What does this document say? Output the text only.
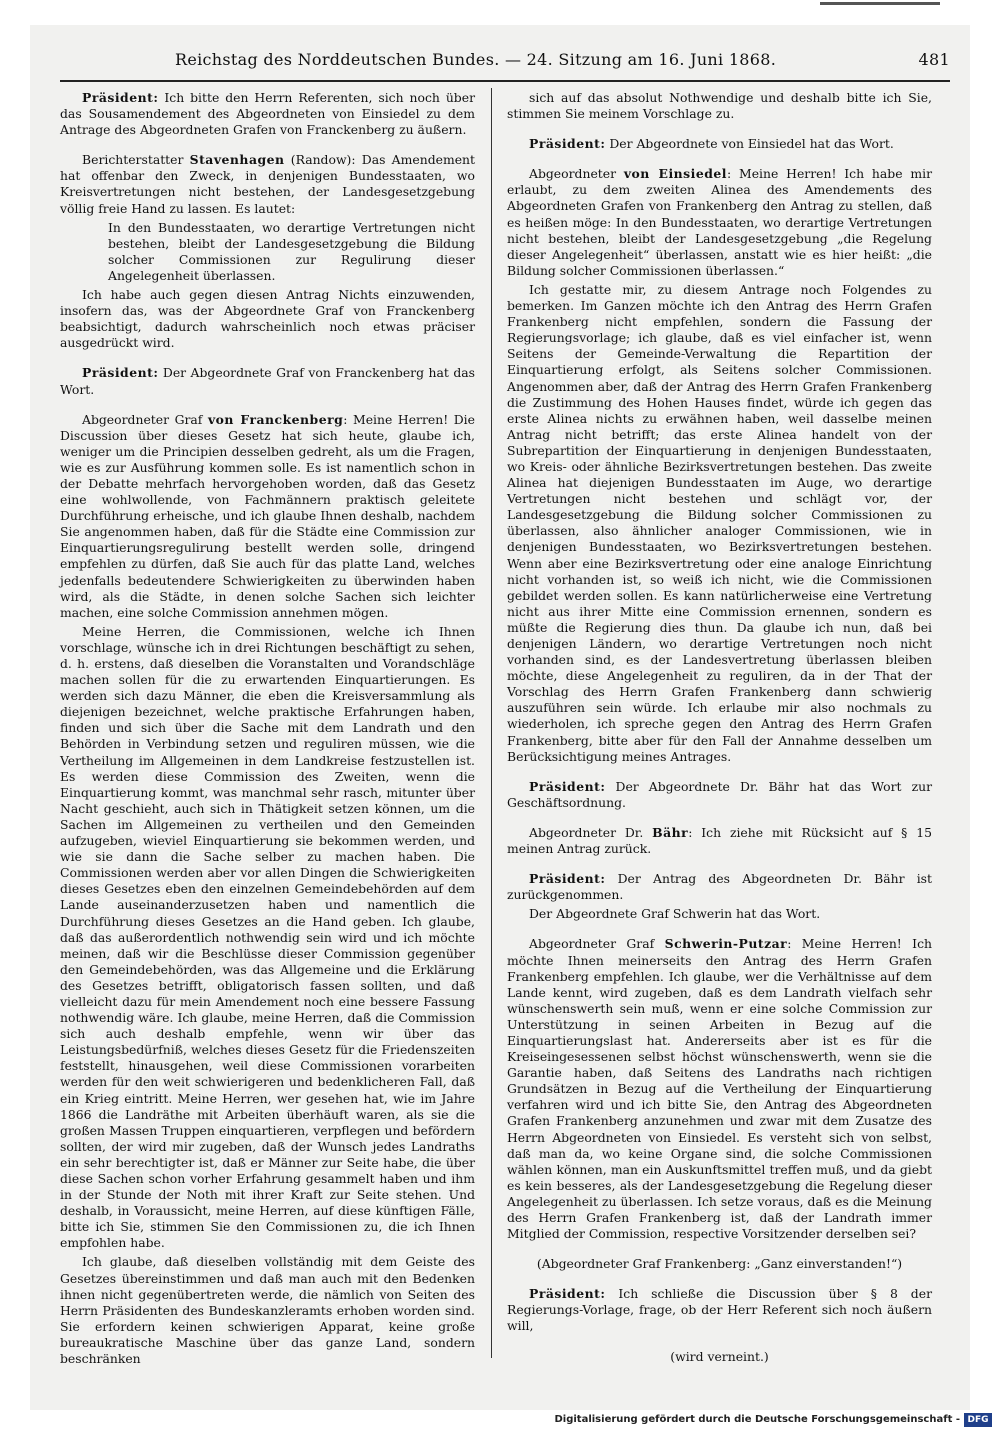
Reichstag des Norddeutschen Bundes. — 24. Sitzung am 16. Juni 1868.	481

Präsident: Ich bitte den Herrn Referenten, sich noch über das Sousamendement des Abgeordneten von Einsiedel zu dem Antrage des Abgeordneten Grafen von Franckenberg zu äußern.

Berichterstatter Stavenhagen (Randow): Das Amendement hat offenbar den Zweck, in denjenigen Bundesstaaten, wo Kreisvertretungen nicht bestehen, der Landesgesetzgebung völlig freie Hand zu lassen. Es lautet:

In den Bundesstaaten, wo derartige Vertretungen nicht bestehen, bleibt der Landesgesetzgebung die Bildung solcher Commissionen zur Regulirung dieser Angelegenheit überlassen.

Ich habe auch gegen diesen Antrag Nichts einzuwenden, insofern das, was der Abgeordnete Graf von Franckenberg beabsichtigt, dadurch wahrscheinlich noch etwas präciser ausgedrückt wird.

Präsident: Der Abgeordnete Graf von Franckenberg hat das Wort.

Abgeordneter Graf von Franckenberg: Meine Herren! Die Discussion über dieses Gesetz hat sich heute, glaube ich, weniger um die Principien desselben gedreht, als um die Fragen, wie es zur Ausführung kommen solle. Es ist namentlich schon in der Debatte mehrfach hervorgehoben worden, daß das Gesetz eine wohlwollende, von Fachmännern praktisch geleitete Durchführung erheische, und ich glaube Ihnen deshalb, nachdem Sie angenommen haben, daß für die Städte eine Commission zur Einquartierungsregulirung bestellt werden solle, dringend empfehlen zu dürfen, daß Sie auch für das platte Land, welches jedenfalls bedeutendere Schwierigkeiten zu überwinden haben wird, als die Städte, in denen solche Sachen sich leichter machen, eine solche Commission annehmen mögen.

Meine Herren, die Commissionen, welche ich Ihnen vorschlage, wünsche ich in drei Richtungen beschäftigt zu sehen, d. h. erstens, daß dieselben die Voranstalten und Vorandschläge machen sollen für die zu erwartenden Einquartierungen. Es werden sich dazu Männer, die eben die Kreisversammlung als diejenigen bezeichnet, welche praktische Erfahrungen haben, finden und sich über die Sache mit dem Landrath und den Behörden in Verbindung setzen und reguliren müssen, wie die Vertheilung im Allgemeinen in dem Landkreise festzustellen ist. Es werden diese Commission des Zweiten, wenn die Einquartierung kommt, was manchmal sehr rasch, mitunter über Nacht geschieht, auch sich in Thätigkeit setzen können, um die Sachen im Allgemeinen zu vertheilen und den Gemeinden aufzugeben, wieviel Einquartierung sie bekommen werden, und wie sie dann die Sache selber zu machen haben. Die Commissionen werden aber vor allen Dingen die Schwierigkeiten dieses Gesetzes eben den einzelnen Gemeindebehörden auf dem Lande auseinanderzusetzen haben und namentlich die Durchführung dieses Gesetzes an die Hand geben. Ich glaube, daß das außerordentlich nothwendig sein wird und ich möchte meinen, daß wir die Beschlüsse dieser Commission gegenüber den Gemeindebehörden, was das Allgemeine und die Erklärung des Gesetzes betrifft, obligatorisch fassen sollten, und daß vielleicht dazu für mein Amendement noch eine bessere Fassung nothwendig wäre. Ich glaube, meine Herren, daß die Commission sich auch deshalb empfehle, wenn wir über das Leistungsbedürfniß, welches dieses Gesetz für die Friedenszeiten feststellt, hinausgehen, weil diese Commissionen vorarbeiten werden für den weit schwierigeren und bedenklicheren Fall, daß ein Krieg eintritt. Meine Herren, wer gesehen hat, wie im Jahre 1866 die Landräthe mit Arbeiten überhäuft waren, als sie die großen Massen Truppen einquartieren, verpflegen und befördern sollten, der wird mir zugeben, daß der Wunsch jedes Landraths ein sehr berechtigter ist, daß er Männer zur Seite habe, die über diese Sachen schon vorher Erfahrung gesammelt haben und ihm in der Stunde der Noth mit ihrer Kraft zur Seite stehen. Und deshalb, in Voraussicht, meine Herren, auf diese künftigen Fälle, bitte ich Sie, stimmen Sie den Commissionen zu, die ich Ihnen empfohlen habe.

Ich glaube, daß dieselben vollständig mit dem Geiste des Gesetzes übereinstimmen und daß man auch mit den Bedenken ihnen nicht gegenübertreten werde, die nämlich von Seiten des Herrn Präsidenten des Bundeskanzleramts erhoben worden sind. Sie erfordern keinen schwierigen Apparat, keine große bureaukratische Maschine über das ganze Land, sondern beschränken

sich auf das absolut Nothwendige und deshalb bitte ich Sie, stimmen Sie meinem Vorschlage zu.

Präsident: Der Abgeordnete von Einsiedel hat das Wort.

Abgeordneter von Einsiedel: Meine Herren! Ich habe mir erlaubt, zu dem zweiten Alinea des Amendements des Abgeordneten Grafen von Frankenberg den Antrag zu stellen, daß es heißen möge: In den Bundesstaaten, wo derartige Vertretungen nicht bestehen, bleibt der Landesgesetzgebung „die Regelung dieser Angelegenheit“ überlassen, anstatt wie es hier heißt: „die Bildung solcher Commissionen überlassen.“

Ich gestatte mir, zu diesem Antrage noch Folgendes zu bemerken. Im Ganzen möchte ich den Antrag des Herrn Grafen Frankenberg nicht empfehlen, sondern die Fassung der Regierungsvorlage; ich glaube, daß es viel einfacher ist, wenn Seitens der Gemeinde-Verwaltung die Repartition der Einquartierung erfolgt, als Seitens solcher Commissionen. Angenommen aber, daß der Antrag des Herrn Grafen Frankenberg die Zustimmung des Hohen Hauses findet, würde ich gegen das erste Alinea nichts zu erwähnen haben, weil dasselbe meinen Antrag nicht betrifft; das erste Alinea handelt von der Subrepartition der Einquartierung in denjenigen Bundesstaaten, wo Kreis- oder ähnliche Bezirksvertretungen bestehen. Das zweite Alinea hat diejenigen Bundesstaaten im Auge, wo derartige Vertretungen nicht bestehen und schlägt vor, der Landesgesetzgebung die Bildung solcher Commissionen zu überlassen, also ähnlicher analoger Commissionen, wie in denjenigen Bundesstaaten, wo Bezirksvertretungen bestehen. Wenn aber eine Bezirksvertretung oder eine analoge Einrichtung nicht vorhanden ist, so weiß ich nicht, wie die Commissionen gebildet werden sollen. Es kann natürlicherweise eine Vertretung nicht aus ihrer Mitte eine Commission ernennen, sondern es müßte die Regierung dies thun. Da glaube ich nun, daß bei denjenigen Ländern, wo derartige Vertretungen noch nicht vorhanden sind, es der Landesvertretung überlassen bleiben möchte, diese Angelegenheit zu reguliren, da in der That der Vorschlag des Herrn Grafen Frankenberg dann schwierig auszuführen sein würde. Ich erlaube mir also nochmals zu wiederholen, ich spreche gegen den Antrag des Herrn Grafen Frankenberg, bitte aber für den Fall der Annahme desselben um Berücksichtigung meines Antrages.

Präsident: Der Abgeordnete Dr. Bähr hat das Wort zur Geschäftsordnung.

Abgeordneter Dr. Bähr: Ich ziehe mit Rücksicht auf § 15 meinen Antrag zurück.

Präsident: Der Antrag des Abgeordneten Dr. Bähr ist zurückgenommen.

Der Abgeordnete Graf Schwerin hat das Wort.

Abgeordneter Graf Schwerin-Putzar: Meine Herren! Ich möchte Ihnen meinerseits den Antrag des Herrn Grafen Frankenberg empfehlen. Ich glaube, wer die Verhältnisse auf dem Lande kennt, wird zugeben, daß es dem Landrath vielfach sehr wünschenswerth sein muß, wenn er eine solche Commission zur Unterstützung in seinen Arbeiten in Bezug auf die Einquartierungslast hat. Andererseits aber ist es für die Kreiseingesessenen selbst höchst wünschenswerth, wenn sie die Garantie haben, daß Seitens des Landraths nach richtigen Grundsätzen in Bezug auf die Vertheilung der Einquartierung verfahren wird und ich bitte Sie, den Antrag des Abgeordneten Grafen Frankenberg anzunehmen und zwar mit dem Zusatze des Herrn Abgeordneten von Einsiedel. Es versteht sich von selbst, daß man da, wo keine Organe sind, die solche Commissionen wählen können, man ein Auskunftsmittel treffen muß, und da giebt es kein besseres, als der Landesgesetzgebung die Regelung dieser Angelegenheit zu überlassen. Ich setze voraus, daß es die Meinung des Herrn Grafen Frankenberg ist, daß der Landrath immer Mitglied der Commission, respective Vorsitzender derselben sei?

(Abgeordneter Graf Frankenberg: „Ganz einverstanden!“)

Präsident: Ich schließe die Discussion über § 8 der Regierungs-Vorlage, frage, ob der Herr Referent sich noch äußern will,

(wird verneint.)

Digitalisierung gefördert durch die Deutsche Forschungsgemeinschaft - DFG
